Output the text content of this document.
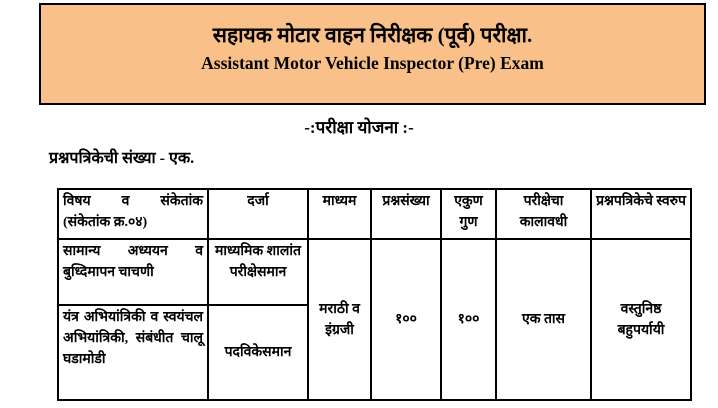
सहायक मोटार वाहन निरीक्षक (पूर्व) परीक्षा.
Assistant Motor Vehicle Inspector (Pre) Exam
-:परीक्षा योजना :-
प्रश्नपत्रिकेची संख्या - एक.
विषय व संकेतांक
(संकेतांक क्र.०४)	दर्जा	माध्यम	प्रश्नसंख्या	एकुण गुण	परीक्षेचा कालावधी	प्रश्नपत्रिकेचे स्वरुप
सामान्य अध्ययन व बुध्दिमापन चाचणी	माध्यमिक शालांत परीक्षेसमान	मराठी व इंग्रजी	१००	१००	एक तास	वस्तुनिष्ठ बहुपर्यायी
यंत्र अभियांत्रिकी व स्वयंचल अभियांत्रिकी, संबंधीत चालू घडामोडी	पदविकेसमान					
